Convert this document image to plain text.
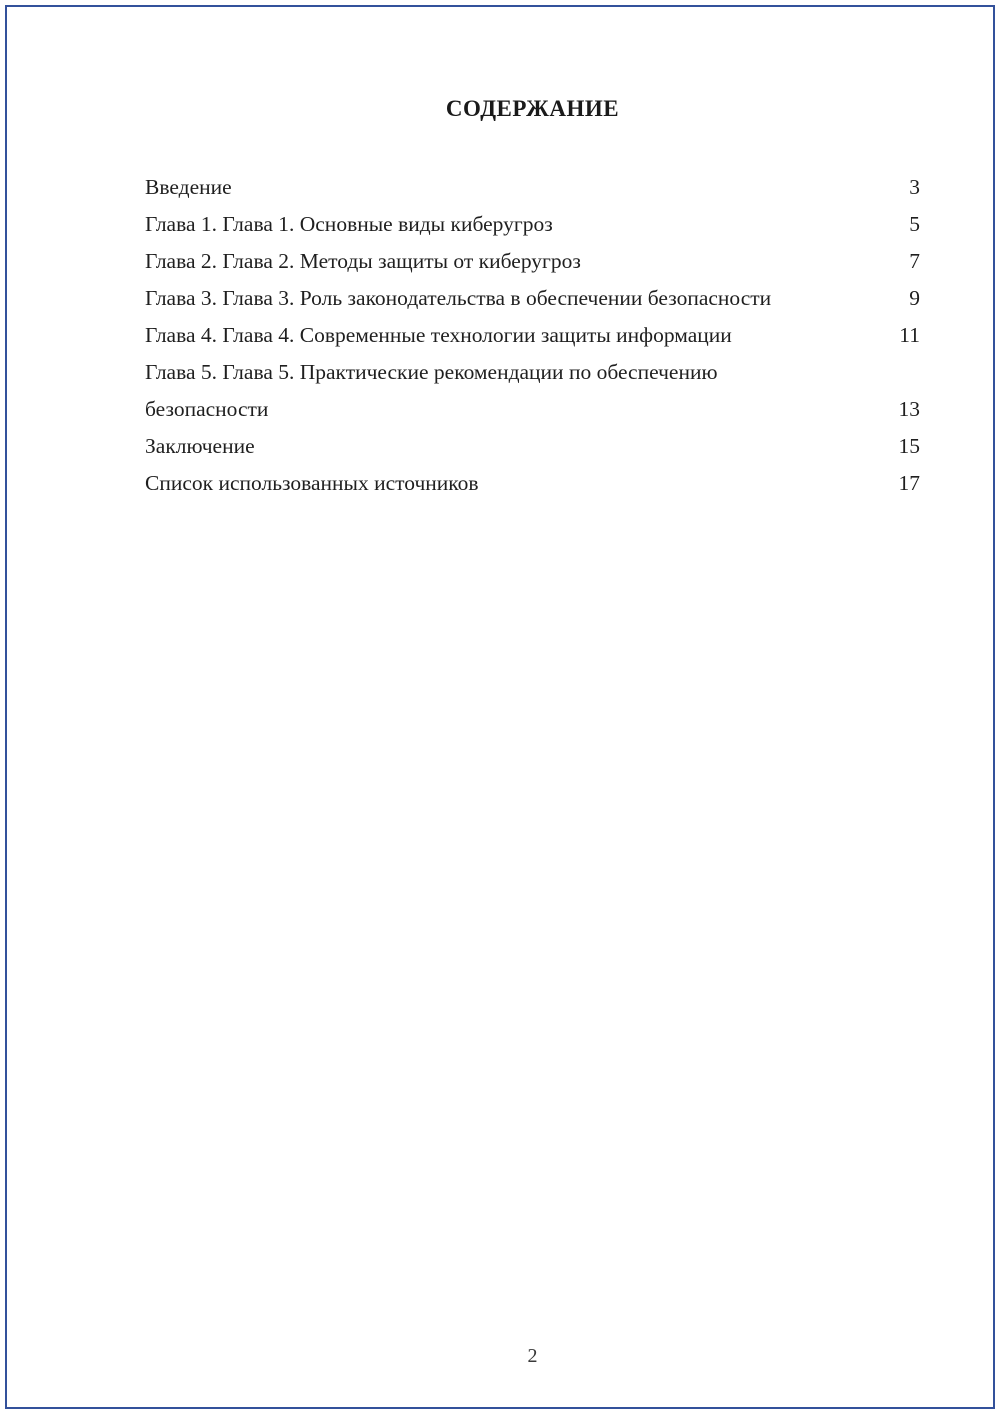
СОДЕРЖАНИЕ
Введение	3
Глава 1. Глава 1. Основные виды киберугроз	5
Глава 2. Глава 2. Методы защиты от киберугроз	7
Глава 3. Глава 3. Роль законодательства в обеспечении безопасности	9
Глава 4. Глава 4. Современные технологии защиты информации	11
Глава 5. Глава 5. Практические рекомендации по обеспечению безопасности	13
Заключение	15
Список использованных источников	17
2
